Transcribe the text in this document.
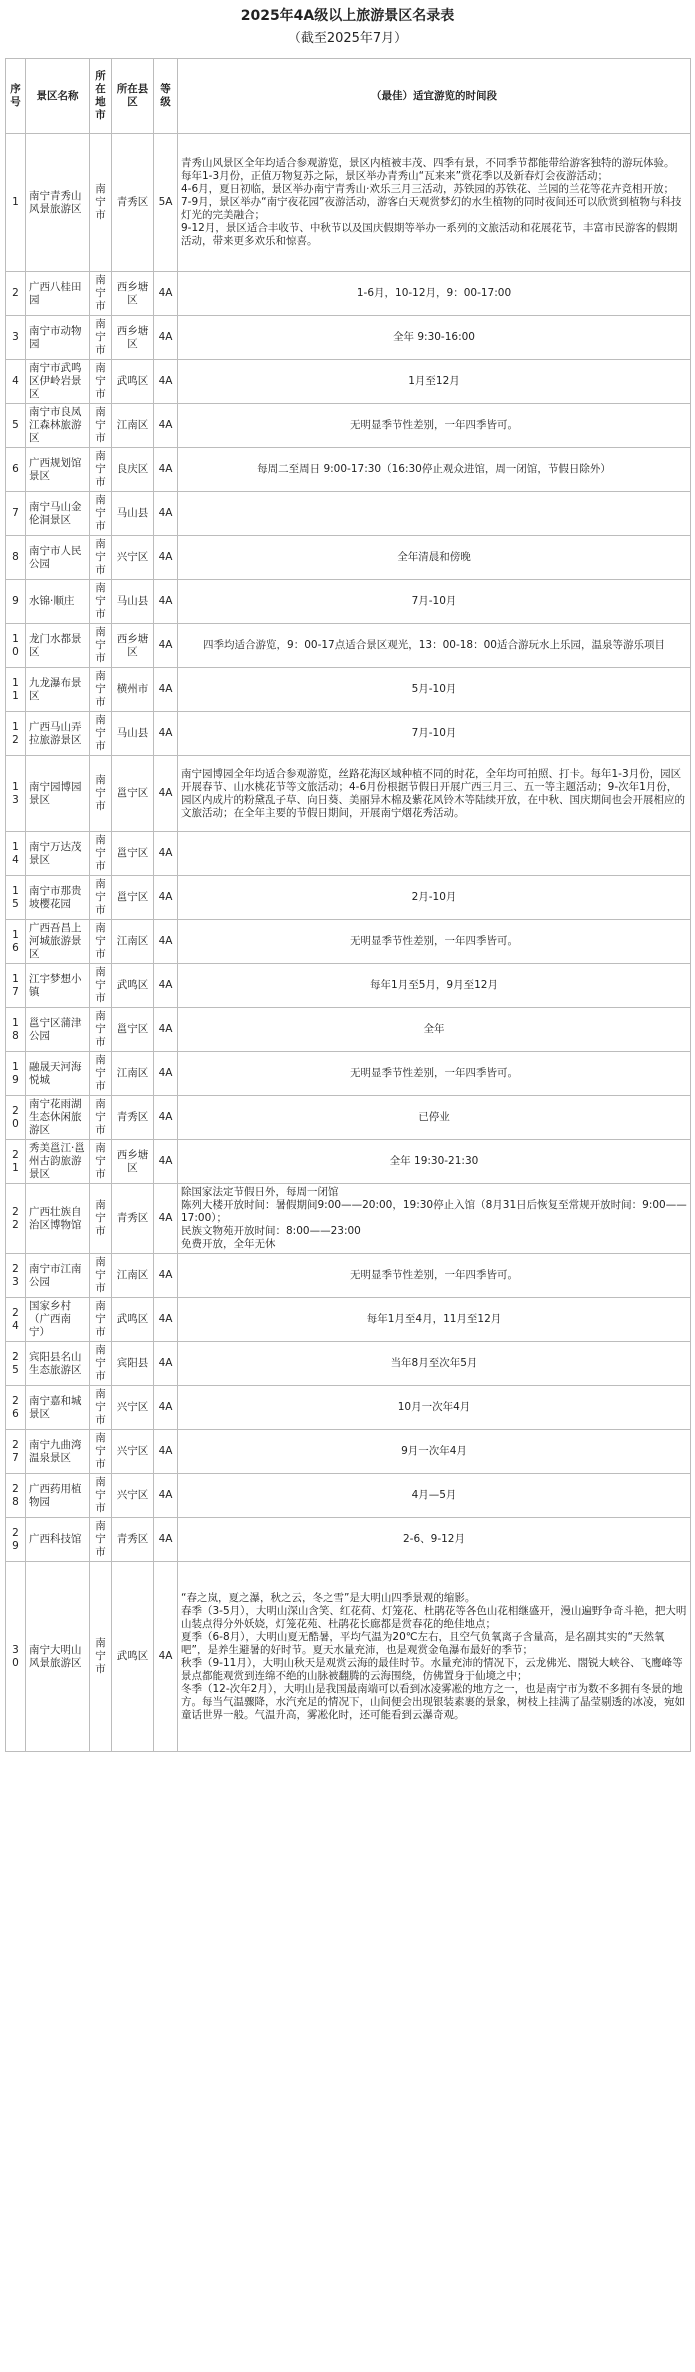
2025年4A级以上旅游景区名录表
（截至2025年7月）
序号	景区名称	所在地市	所在县区	等级	（最佳）适宜游览的时间段
1	南宁青秀山风景旅游区	南宁市	青秀区	5A	青秀山风景区全年均适合参观游览，景区内植被丰茂、四季有景，不同季节都能带给游客独特的游玩体验。
每年1-3月份，正值万物复苏之际，景区举办青秀山“瓦来来”赏花季以及新春灯会夜游活动；
4-6月，夏日初临，景区举办南宁青秀山·欢乐三月三活动，苏铁园的苏铁花、兰园的兰花等花卉竞相开放；
7-9月，景区举办“南宁夜花园”夜游活动，游客白天观赏梦幻的水生植物的同时夜间还可以欣赏到植物与科技灯光的完美融合；
9-12月，景区适合丰收节、中秋节以及国庆假期等举办一系列的文旅活动和花展花节，丰富市民游客的假期活动，带来更多欢乐和惊喜。
2	广西八桂田园	南宁市	西乡塘区	4A	1-6月，10-12月，9：00-17:00
3	南宁市动物园	南宁市	西乡塘区	4A	全年 9:30-16:00
4	南宁市武鸣区伊岭岩景区	南宁市	武鸣区	4A	1月至12月
5	南宁市良凤江森林旅游区	南宁市	江南区	4A	无明显季节性差别，一年四季皆可。
6	广西规划馆景区	南宁市	良庆区	4A	每周二至周日 9:00-17:30（16:30停止观众进馆，周一闭馆，节假日除外）
7	南宁马山金伦洞景区	南宁市	马山县	4A	
8	南宁市人民公园	南宁市	兴宁区	4A	全年清晨和傍晚
9	水锦·顺庄	南宁市	马山县	4A	7月-10月
10	龙门水都景区	南宁市	西乡塘区	4A	四季均适合游览，9：00-17点适合景区观光，13：00-18：00适合游玩水上乐园，温泉等游乐项目
11	九龙瀑布景区	南宁市	横州市	4A	5月-10月
12	广西马山弄拉旅游景区	南宁市	马山县	4A	7月-10月
13	南宁园博园景区	南宁市	邕宁区	4A	南宁园博园全年均适合参观游览，丝路花海区域种植不同的时花，全年均可拍照、打卡。每年1-3月份，园区开展春节、山水桃花节等文旅活动；4-6月份根据节假日开展广西三月三、五一等主题活动；9-次年1月份，园区内成片的粉黛乱子草、向日葵、美丽异木棉及紫花风铃木等陆续开放，在中秋、国庆期间也会开展相应的文旅活动；在全年主要的节假日期间，开展南宁烟花秀活动。
14	南宁万达茂景区	南宁市	邕宁区	4A	
15	南宁市那贵坡樱花园	南宁市	邕宁区	4A	2月-10月
16	广西吾昌上河城旅游景区	南宁市	江南区	4A	无明显季节性差别，一年四季皆可。
17	江宇梦想小镇	南宁市	武鸣区	4A	每年1月至5月，9月至12月
18	邕宁区蒲津公园	南宁市	邕宁区	4A	全年
19	融晟天河海悦城	南宁市	江南区	4A	无明显季节性差别，一年四季皆可。
20	南宁花雨湖生态休闲旅游区	南宁市	青秀区	4A	已停业
21	秀美邕江·邕州古韵旅游景区	南宁市	西乡塘区	4A	全年 19:30-21:30
22	广西壮族自治区博物馆	南宁市	青秀区	4A	除国家法定节假日外，每周一闭馆
陈列大楼开放时间：暑假期间9:00——20:00，19:30停止入馆（8月31日后恢复至常规开放时间：9:00——17:00）；
民族文物苑开放时间：8:00——23:00
免费开放，全年无休
23	南宁市江南公园	南宁市	江南区	4A	无明显季节性差别，一年四季皆可。
24	国家乡村（广西南宁）	南宁市	武鸣区	4A	每年1月至4月，11月至12月
25	宾阳县名山生态旅游区	南宁市	宾阳县	4A	当年8月至次年5月
26	南宁嘉和城景区	南宁市	兴宁区	4A	10月一次年4月
27	南宁九曲湾温泉景区	南宁市	兴宁区	4A	9月一次年4月
28	广西药用植物园	南宁市	兴宁区	4A	4月—5月
29	广西科技馆	南宁市	青秀区	4A	2-6、9-12月
30	南宁大明山风景旅游区	南宁市	武鸣区	4A	“春之岚，夏之瀑，秋之云，冬之雪”是大明山四季景观的缩影。
春季（3-5月），大明山深山含笑、红花荷、灯笼花、杜鹃花等各色山花相继盛开，漫山遍野争奇斗艳，把大明山装点得分外妖娆，灯笼花苑、杜鹃花长廊都是赏春花的绝佳地点；
夏季（6-8月），大明山夏无酷暑，平均气温为20℃左右，且空气负氧离子含量高，是名副其实的“天然氧吧”，是养生避暑的好时节。夏天水量充沛，也是观赏金龟瀑布最好的季节；
秋季（9-11月），大明山秋天是观赏云海的最佳时节。水量充沛的情况下，云龙佛光、閤锐大峡谷、飞鹰峰等景点都能观赏到连绵不绝的山脉被翻腾的云海围绕，仿佛置身于仙境之中；
冬季（12-次年2月），大明山是我国最南端可以看到冰凌雾凇的地方之一，也是南宁市为数不多拥有冬景的地方。每当气温骤降，水汽充足的情况下，山间便会出现银装素裹的景象，树枝上挂满了晶莹剔透的冰凌，宛如童话世界一般。气温升高，雾凇化时，还可能看到云瀑奇观。
